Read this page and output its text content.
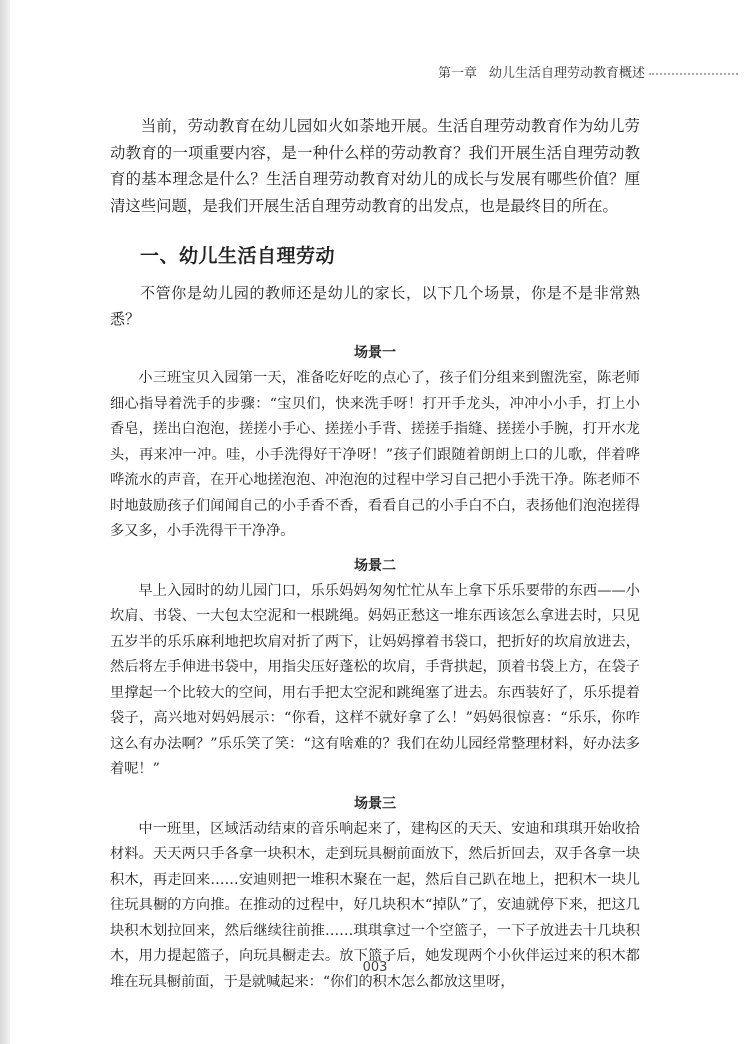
第一章 幼儿生活自理劳动教育概述

当前，劳动教育在幼儿园如火如荼地开展。生活自理劳动教育作为幼儿劳动教育的一项重要内容，是一种什么样的劳动教育？我们开展生活自理劳动教育的基本理念是什么？生活自理劳动教育对幼儿的成长与发展有哪些价值？厘清这些问题，是我们开展生活自理劳动教育的出发点，也是最终目的所在。

一、幼儿生活自理劳动

不管你是幼儿园的教师还是幼儿的家长，以下几个场景，你是不是非常熟悉？

场景一

小三班宝贝入园第一天，准备吃好吃的点心了，孩子们分组来到盥洗室，陈老师细心指导着洗手的步骤：“宝贝们，快来洗手呀！打开手龙头，冲冲小小手，打上小香皂，搓出白泡泡，搓搓小手心、搓搓小手背、搓搓手指缝、搓搓小手腕，打开水龙头，再来冲一冲。哇，小手洗得好干净呀！”孩子们跟随着朗朗上口的儿歌，伴着哗哗流水的声音，在开心地搓泡泡、冲泡泡的过程中学习自己把小手洗干净。陈老师不时地鼓励孩子们闻闻自己的小手香不香，看看自己的小手白不白，表扬他们泡泡搓得多又多，小手洗得干干净净。

场景二

早上入园时的幼儿园门口，乐乐妈妈匆匆忙忙从车上拿下乐乐要带的东西——小坎肩、书袋、一大包太空泥和一根跳绳。妈妈正愁这一堆东西该怎么拿进去时，只见五岁半的乐乐麻利地把坎肩对折了两下，让妈妈撑着书袋口，把折好的坎肩放进去，然后将左手伸进书袋中，用指尖压好蓬松的坎肩，手背拱起，顶着书袋上方，在袋子里撑起一个比较大的空间，用右手把太空泥和跳绳塞了进去。东西装好了，乐乐提着袋子，高兴地对妈妈展示：“你看，这样不就好拿了么！”妈妈很惊喜：“乐乐，你咋这么有办法啊？”乐乐笑了笑：“这有啥难的？我们在幼儿园经常整理材料，好办法多着呢！”

场景三

中一班里，区域活动结束的音乐响起来了，建构区的天天、安迪和琪琪开始收拾材料。天天两只手各拿一块积木，走到玩具橱前面放下，然后折回去，双手各拿一块积木，再走回来……安迪则把一堆积木聚在一起，然后自己趴在地上，把积木一块儿往玩具橱的方向推。在推动的过程中，好几块积木“掉队”了，安迪就停下来，把这几块积木划拉回来，然后继续往前推……琪琪拿过一个空篮子，一下子放进去十几块积木，用力提起篮子，向玩具橱走去。放下篮子后，她发现两个小伙伴运过来的积木都堆在玩具橱前面，于是就喊起来：“你们的积木怎么都放这里呀，

003
